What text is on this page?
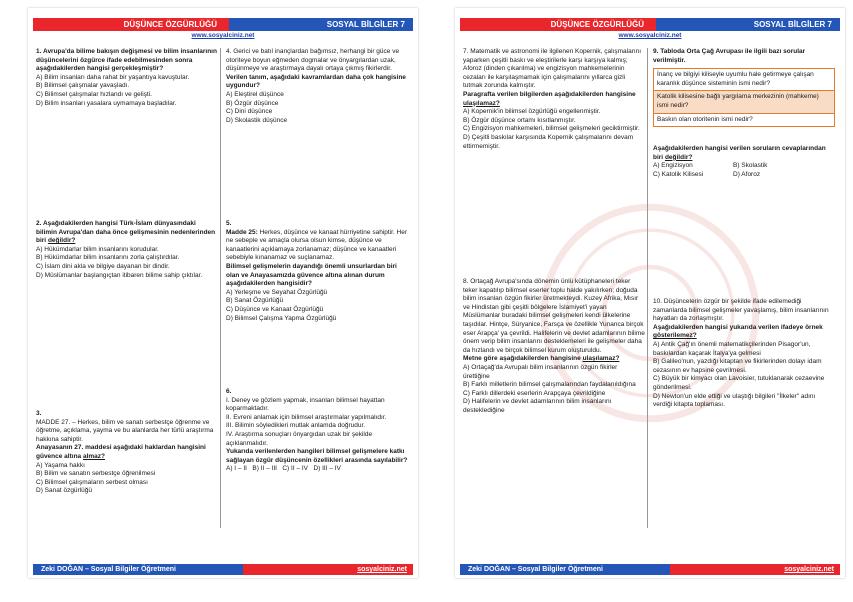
DÜŞÜNCE ÖZGÜRLÜĞÜ	SOSYAL BİLGİLER 7
www.sosyalciniz.net

1. Avrupa'da bilime bakışın değişmesi ve bilim insanlarının düşüncelerini özgürce ifade edebilmesinden sonra aşağıdakilerden hangisi gerçekleşmiştir?

A) Bilim insanları daha rahat bir yaşantıya kavuştular.

B) Bilimsel çalışmalar yavaşladı.

C) Bilimsel çalışmalar hızlandı ve gelişti.

D) Bilim insanları yasalara uymamaya başladılar.

2. Aşağıdakilerden hangisi Türk-İslam dünyasındaki bilimin Avrupa'dan daha önce gelişmesinin nedenlerinden biri değildir?

A) Hükümdarlar bilim insanlarını korudular.

B) Hükümdarlar bilim insanlarını zorla çalıştırdılar.

C) İslam dini akla ve bilgiye dayanan bir dindir.

D) Müslümanlar başlangıçtan itibaren bilime sahip çıktılar.

3.

MADDE 27. – Herkes, bilim ve sanatı serbestçe öğrenme ve öğretme, açıklama, yayma ve bu alanlarda her türlü araştırma hakkına sahiptir.

Anayasanın 27. maddesi aşağıdaki haklardan hangisini güvence altına almaz?

A) Yaşama hakkı

B) Bilim ve sanatın serbestçe öğrenilmesi

C) Bilimsel çalışmaların serbest olması

D) Sanat özgürlüğü

4. Gerici ve batıl inançlardan bağımsız, herhangi bir güce ve otoriteye boyun eğmeden dogmalar ve önyargılardan uzak, düşünmeye ve araştırmaya dayalı ortaya çıkmış fikirlerdir.

Verilen tanım, aşağıdaki kavramlardan daha çok hangisine uygundur?

A) Eleştirel düşünce

B) Özgür düşünce

C) Dini düşünce

D) Skolastik düşünce

5.

Madde 25: Herkes, düşünce ve kanaat hürriyetine sahiptir. Her ne sebeple ve amaçla olursa olsun kimse, düşünce ve kanaatlerini açıklamaya zorlanamaz; düşünce ve kanaatleri sebebiyle kınanamaz ve suçlanamaz.

Bilimsel gelişmelerin dayandığı önemli unsurlardan biri olan ve Anayasamızda güvence altına alınan durum aşağıdakilerden hangisidir?

A) Yerleşme ve Seyahat Özgürlüğü

B) Sanat Özgürlüğü

C) Düşünce ve Kanaat Özgürlüğü

D) Bilimsel Çalışma Yapma Özgürlüğü

6.

I. Deney ve gözlem yapmak, insanları bilimsel hayattan koparmaktadır.

II. Evreni anlamak için bilimsel araştırmalar yapılmalıdır.

III. Bilimin söyledikleri mutlak anlamda doğrudur.

IV. Araştırma sonuçları önyargıdan uzak bir şekilde açıklanmalıdır.

Yukarıda verilenlerden hangileri bilimsel gelişmelere katkı sağlayan özgür düşüncenin özellikleri arasında sayılabilir?

A) I – II B) II – III C) II – IV D) III – IV

Zeki DOĞAN – Sosyal Bilgiler Öğretmeni	sosyalciniz.net
DÜŞÜNCE ÖZGÜRLÜĞÜ	SOSYAL BİLGİLER 7
www.sosyalciniz.net

7. Matematik ve astronomi ile ilgilenen Kopernik, çalışmalarını yaparken çeşitli baskı ve eleştirilerle karşı karşıya kalmış; Aforoz (dinden çıkarılma) ve engizisyon mahkemelerinin cezaları ile karşılaşmamak için çalışmalarını yıllarca gizli tutmak zorunda kalmıştır.

Paragrafta verilen bilgilerden aşağıdakilerden hangisine ulaşılamaz?

A) Kopernik'in bilimsel özgürlüğü engellenmiştir.

B) Özgür düşünce ortamı kısıtlanmıştır.

C) Engizisyon mahkemeleri, bilimsel gelişmeleri geciktirmiştir.

D) Çeşitli baskılar karşısında Kopernik çalışmalarını devam ettirmemiştir.

8. Ortaçağ Avrupa'sında dönemin ünlü kütüphaneleri teker teker kapatılıp bilimsel eserler toplu halde yakılırken; doğuda bilim insanları özgün fikirler üretmekteydi. Kuzey Afrika, Mısır ve Hindistan gibi çeşitli bölgelere İslamiyet'i yayan Müslümanlar buradaki bilimsel gelişmeleri kendi ülkelerine taşıdılar. Hintçe, Süryanice, Farsça ve özellikle Yunanca birçok eser Arapça' ya çevrildi. Halifelerin ve devlet adamlarının bilime önem verip bilim insanlarını desteklemeleri ile gelişmeler daha da hızlandı ve birçok bilimsel kurum oluşturuldu.

Metne göre aşağıdakilerden hangisine ulaşılamaz?

A) Ortaçağ'da Avrupalı bilim insanlarının özgün fikirler ürettiğine

B) Farklı milletlerin bilimsel çalışmalarından faydalanıldığına

C) Farklı dillerdeki eserlerin Arapçaya çevrildiğine

D) Halifelerin ve devlet adamlarının bilim insanlarını desteklediğine

9. Tabloda Orta Çağ Avrupası ile ilgili bazı sorular verilmiştir.

İnanç ve bilgiyi kiliseyle uyumlu hale getirmeye çalışan karanlık düşünce sisteminin ismi nedir?
Katolik kilisesine bağlı yargılama merkezinin (mahkeme) ismi nedir?
Baskın olan otoritenin ismi nedir?

Aşağıdakilerden hangisi verilen soruların cevaplarından biri değildir?

A) Engizisyon	B) Skolastik
C) Katolik Kilisesi	D) Aforoz

10. Düşüncelerin özgür bir şekilde ifade edilemediği zamanlarda bilimsel gelişmeler yavaşlamış, bilim insanlarının hayatları da zorlaşmıştır.

Aşağıdakilerden hangisi yukarıda verilen ifadeye örnek gösterilemez?

A) Antik Çağ'ın önemli matematikçilerinden Pisagor'un, baskılardan kaçarak İtalya'ya gelmesi

B) Galileo'nun, yazdığı kitaptan ve fikirlerinden dolayı idam cezasının ev hapsine çevrilmesi.

C) Büyük bir kimyacı olan Lavoisier, tutuklanarak cezaevine gönderilmesi.

D) Newton'un elde ettiği ve ulaştığı bilgileri "İlkeler" adını verdiği kitapta toplaması.

Zeki DOĞAN – Sosyal Bilgiler Öğretmeni	sosyalciniz.net
